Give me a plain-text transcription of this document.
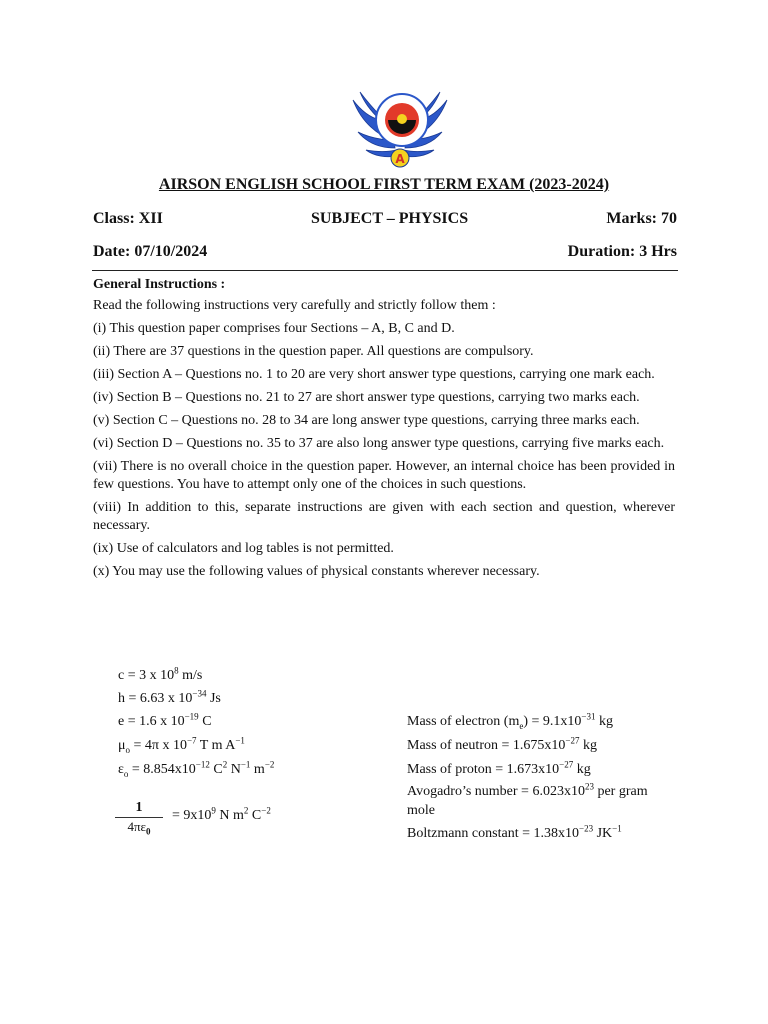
A
AIRSON ENGLISH SCHOOL FIRST TERM EXAM (2023-2024)
Class: XII	SUBJECT – PHYSICS	Marks: 70
Date: 07/10/2024	Duration: 3 Hrs
General Instructions :

Read the following instructions very carefully and strictly follow them :

(i) This question paper comprises four Sections – A, B, C and D.

(ii) There are 37 questions in the question paper. All questions are compulsory.

(iii) Section A – Questions no. 1 to 20 are very short answer type questions, carrying one mark each.

(iv) Section B – Questions no. 21 to 27 are short answer type questions, carrying two marks each.

(v) Section C – Questions no. 28 to 34 are long answer type questions, carrying three marks each.

(vi) Section D – Questions no. 35 to 37 are also long answer type questions, carrying five marks each.

(vii) There is no overall choice in the question paper. However, an internal choice has been provided in few questions. You have to attempt only one of the choices in such questions.

(viii) In addition to this, separate instructions are given with each section and question, wherever necessary.

(ix) Use of calculators and log tables is not permitted.

(x) You may use the following values of physical constants wherever necessary.

c = 3 x $10^8$ m/s
h = 6.63 x $10^{-34}$ Js
e = 1.6 x $10^{-19}$ C
$\mu_o = 4\pi$ x $10^{-7}$ T m $A^{-1}$
$\varepsilon_o = 8.854x10^{-12}$ $C^2$ $N^{-1}$ $m^{-2}$
$\frac{1}{4\pi\varepsilon_0} = 9x10^9$ N $m^2$ $C^{-2}$
Mass of electron $(m_e) = 9.1x10^{-31}$ kg
Mass of neutron = $1.675x10^{-27}$ kg
Mass of proton = $1.673x10^{-27}$ kg
Avogadro’s number = $6.023x10^{23}$ per gram
mole
Boltzmann constant = $1.38x10^{-23}$ $JK^{-1}$
